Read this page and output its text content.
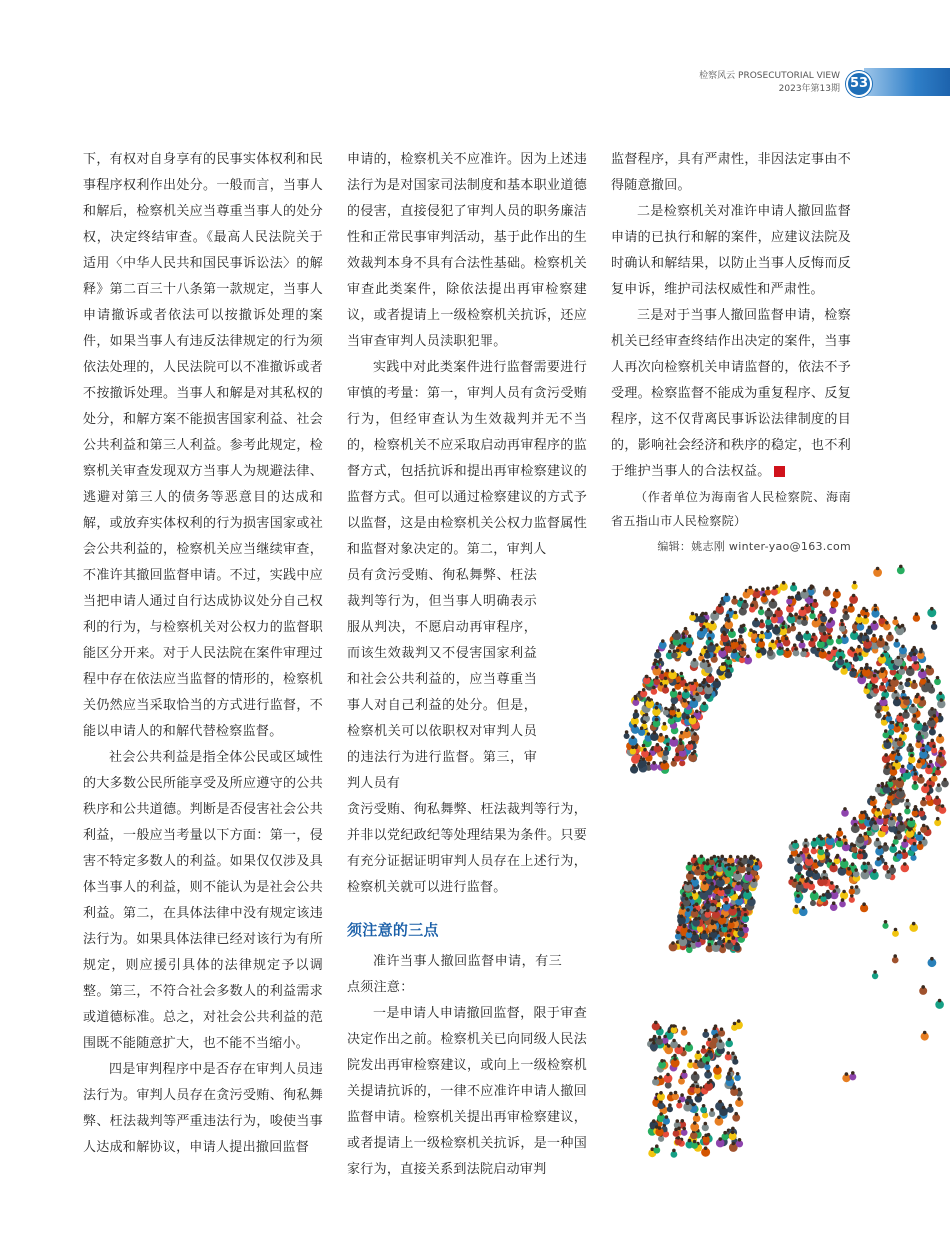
检察风云 PROSECUTORIAL VIEW
2023年第13期 53

下，有权对自身享有的民事实体权利和民事程序权利作出处分。一般而言，当事人和解后，检察机关应当尊重当事人的处分权，决定终结审查。《最高人民法院关于适用〈中华人民共和国民事诉讼法〉的解释》第二百三十八条第一款规定，当事人申请撤诉或者依法可以按撤诉处理的案件，如果当事人有违反法律规定的行为须依法处理的，人民法院可以不准撤诉或者不按撤诉处理。当事人和解是对其私权的处分，和解方案不能损害国家利益、社会公共利益和第三人利益。参考此规定，检察机关审查发现双方当事人为规避法律、逃避对第三人的债务等恶意目的达成和解，或放弃实体权利的行为损害国家或社会公共利益的，检察机关应当继续审查，不准许其撤回监督申请。不过，实践中应当把申请人通过自行达成协议处分自己权利的行为，与检察机关对公权力的监督职能区分开来。对于人民法院在案件审理过程中存在依法应当监督的情形的，检察机关仍然应当采取恰当的方式进行监督，不能以申请人的和解代替检察监督。

社会公共利益是指全体公民或区域性的大多数公民所能享受及所应遵守的公共秩序和公共道德。判断是否侵害社会公共利益，一般应当考量以下方面：第一，侵害不特定多数人的利益。如果仅仅涉及具体当事人的利益，则不能认为是社会公共利益。第二，在具体法律中没有规定该违法行为。如果具体法律已经对该行为有所规定，则应援引具体的法律规定予以调整。第三，不符合社会多数人的利益需求或道德标准。总之，对社会公共利益的范围既不能随意扩大，也不能不当缩小。

四是审判程序中是否存在审判人员违法行为。审判人员存在贪污受贿、徇私舞弊、枉法裁判等严重违法行为，唆使当事人达成和解协议，申请人提出撤回监督

申请的，检察机关不应准许。因为上述违法行为是对国家司法制度和基本职业道德的侵害，直接侵犯了审判人员的职务廉洁性和正常民事审判活动，基于此作出的生效裁判本身不具有合法性基础。检察机关审查此类案件，除依法提出再审检察建议，或者提请上一级检察机关抗诉，还应当审查审判人员渎职犯罪。

实践中对此类案件进行监督需要进行审慎的考量：第一，审判人员有贪污受贿行为，但经审查认为生效裁判并无不当的，检察机关不应采取启动再审程序的监督方式，包括抗诉和提出再审检察建议的监督方式。但可以通过检察建议的方式予以监督，这是由检察机关公权力监督属性和监督对象决定的。第二，审判人

员有贪污受贿、徇私舞弊、枉法裁判等行为，但当事人明确表示服从判决，不愿启动再审程序，而该生效裁判又不侵害国家利益和社会公共利益的，应当尊重当事人对自己利益的处分。但是，检察机关可以依职权对审判人员的违法行为进行监督。第三，审判人员有

贪污受贿、徇私舞弊、枉法裁判等行为，并非以党纪政纪等处理结果为条件。只要有充分证据证明审判人员存在上述行为，检察机关就可以进行监督。

须注意的三点

准许当事人撤回监督申请，有三点须注意：

一是申请人申请撤回监督，限于审查决定作出之前。检察机关已向同级人民法院发出再审检察建议，或向上一级检察机关提请抗诉的，一律不应准许申请人撤回监督申请。检察机关提出再审检察建议，或者提请上一级检察机关抗诉，是一种国家行为，直接关系到法院启动审判

监督程序，具有严肃性，非因法定事由不得随意撤回。

二是检察机关对准许申请人撤回监督申请的已执行和解的案件，应建议法院及时确认和解结果，以防止当事人反悔而反复申诉，维护司法权威性和严肃性。

三是对于当事人撤回监督申请，检察机关已经审查终结作出决定的案件，当事人再次向检察机关申请监督的，依法不予受理。检察监督不能成为重复程序、反复程序，这不仅背离民事诉讼法律制度的目的，影响社会经济和秩序的稳定，也不利于维护当事人的合法权益。	◘

（作者单位为海南省人民检察院、海南省五指山市人民检察院）

编辑：姚志刚 winter-yao@163.com
